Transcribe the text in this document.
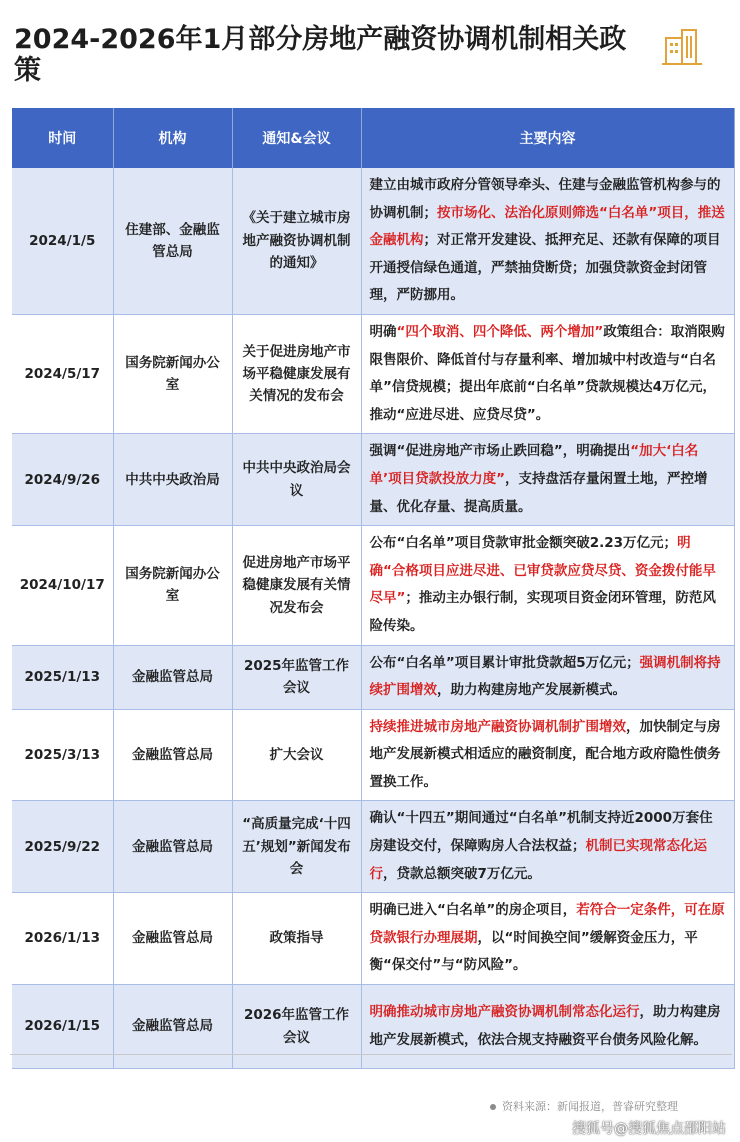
2024-2026年1月部分房地产融资协调机制相关政策
时间	机构	通知&会议	主要内容
2024/1/5	住建部、金融监管总局	《关于建立城市房地产融资协调机制的通知》	建立由城市政府分管领导牵头、住建与金融监管机构参与的协调机制；按市场化、法治化原则筛选“白名单”项目，推送金融机构；对正常开发建设、抵押充足、还款有保障的项目开通授信绿色通道，严禁抽贷断贷；加强贷款资金封闭管理，严防挪用。
2024/5/17	国务院新闻办公室	关于促进房地产市场平稳健康发展有关情况的发布会	明确“四个取消、四个降低、两个增加”政策组合：取消限购限售限价、降低首付与存量利率、增加城中村改造与“白名单”信贷规模；提出年底前“白名单”贷款规模达4万亿元，推动“应进尽进、应贷尽贷”。
2024/9/26	中共中央政治局	中共中央政治局会议	强调“促进房地产市场止跌回稳”，明确提出“加大‘白名单’项目贷款投放力度”，支持盘活存量闲置土地，严控增量、优化存量、提高质量。
2024/10/17	国务院新闻办公室	促进房地产市场平稳健康发展有关情况发布会	公布“白名单”项目贷款审批金额突破2.23万亿元；明确“合格项目应进尽进、已审贷款应贷尽贷、资金拨付能早尽早”；推动主办银行制，实现项目资金闭环管理，防范风险传染。
2025/1/13	金融监管总局	2025年监管工作会议	公布“白名单”项目累计审批贷款超5万亿元；强调机制将持续扩围增效，助力构建房地产发展新模式。
2025/3/13	金融监管总局	扩大会议	持续推进城市房地产融资协调机制扩围增效，加快制定与房地产发展新模式相适应的融资制度，配合地方政府隐性债务置换工作。
2025/9/22	金融监管总局	“高质量完成‘十四五’规划”新闻发布会	确认“十四五”期间通过“白名单”机制支持近2000万套住房建设交付，保障购房人合法权益；机制已实现常态化运行，贷款总额突破7万亿元。
2026/1/13	金融监管总局	政策指导	明确已进入“白名单”的房企项目，若符合一定条件，可在原贷款银行办理展期，以“时间换空间”缓解资金压力，平衡“保交付”与“防风险”。
2026/1/15	金融监管总局	2026年监管工作会议	明确推动城市房地产融资协调机制常态化运行，助力构建房地产发展新模式，依法合规支持融资平台债务风险化解。
资料来源：新闻报道，普睿研究整理
搜狐号@搜狐焦点邵阳站
